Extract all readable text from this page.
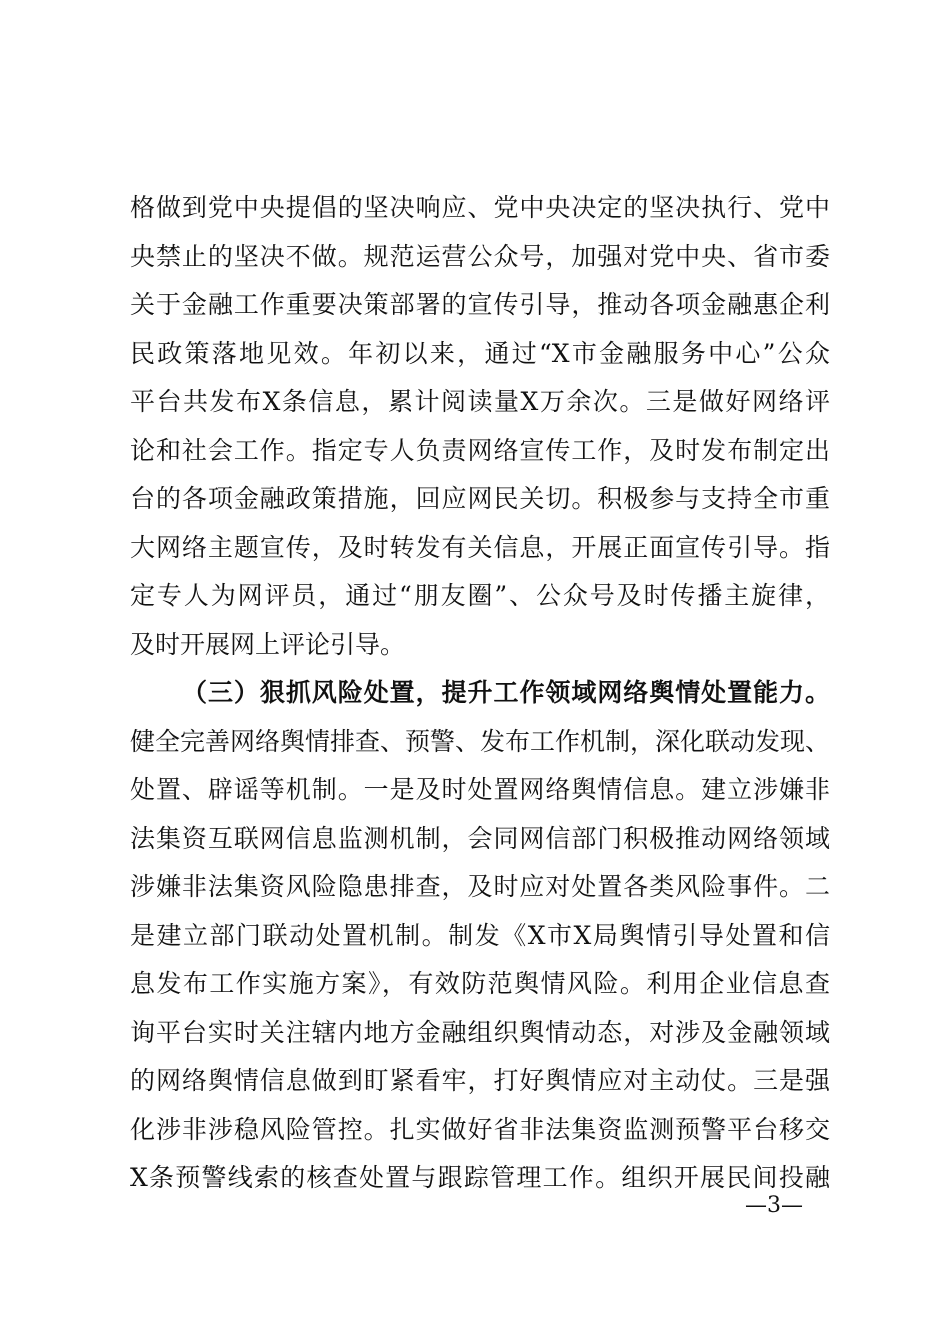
格做到党中央提倡的坚决响应、党中央决定的坚决执行、党中
央禁止的坚决不做。规范运营公众号，加强对党中央、省市委
关于金融工作重要决策部署的宣传引导，推动各项金融惠企利
民政策落地见效。年初以来，通过“X市金融服务中心”公众
平台共发布X条信息，累计阅读量X万余次。三是做好网络评
论和社会工作。指定专人负责网络宣传工作，及时发布制定出
台的各项金融政策措施，回应网民关切。积极参与支持全市重
大网络主题宣传，及时转发有关信息，开展正面宣传引导。指
定专人为网评员，通过“朋友圈”、公众号及时传播主旋律，
及时开展网上评论引导。
（三）狠抓风险处置，提升工作领域网络舆情处置能力。
健全完善网络舆情排查、预警、发布工作机制，深化联动发现、
处置、辟谣等机制。一是及时处置网络舆情信息。建立涉嫌非
法集资互联网信息监测机制，会同网信部门积极推动网络领域
涉嫌非法集资风险隐患排查，及时应对处置各类风险事件。二
是建立部门联动处置机制。制发《X市X局舆情引导处置和信
息发布工作实施方案》，有效防范舆情风险。利用企业信息查
询平台实时关注辖内地方金融组织舆情动态，对涉及金融领域
的网络舆情信息做到盯紧看牢，打好舆情应对主动仗。三是强
化涉非涉稳风险管控。扎实做好省非法集资监测预警平台移交
X条预警线索的核查处置与跟踪管理工作。组织开展民间投融
—3—
